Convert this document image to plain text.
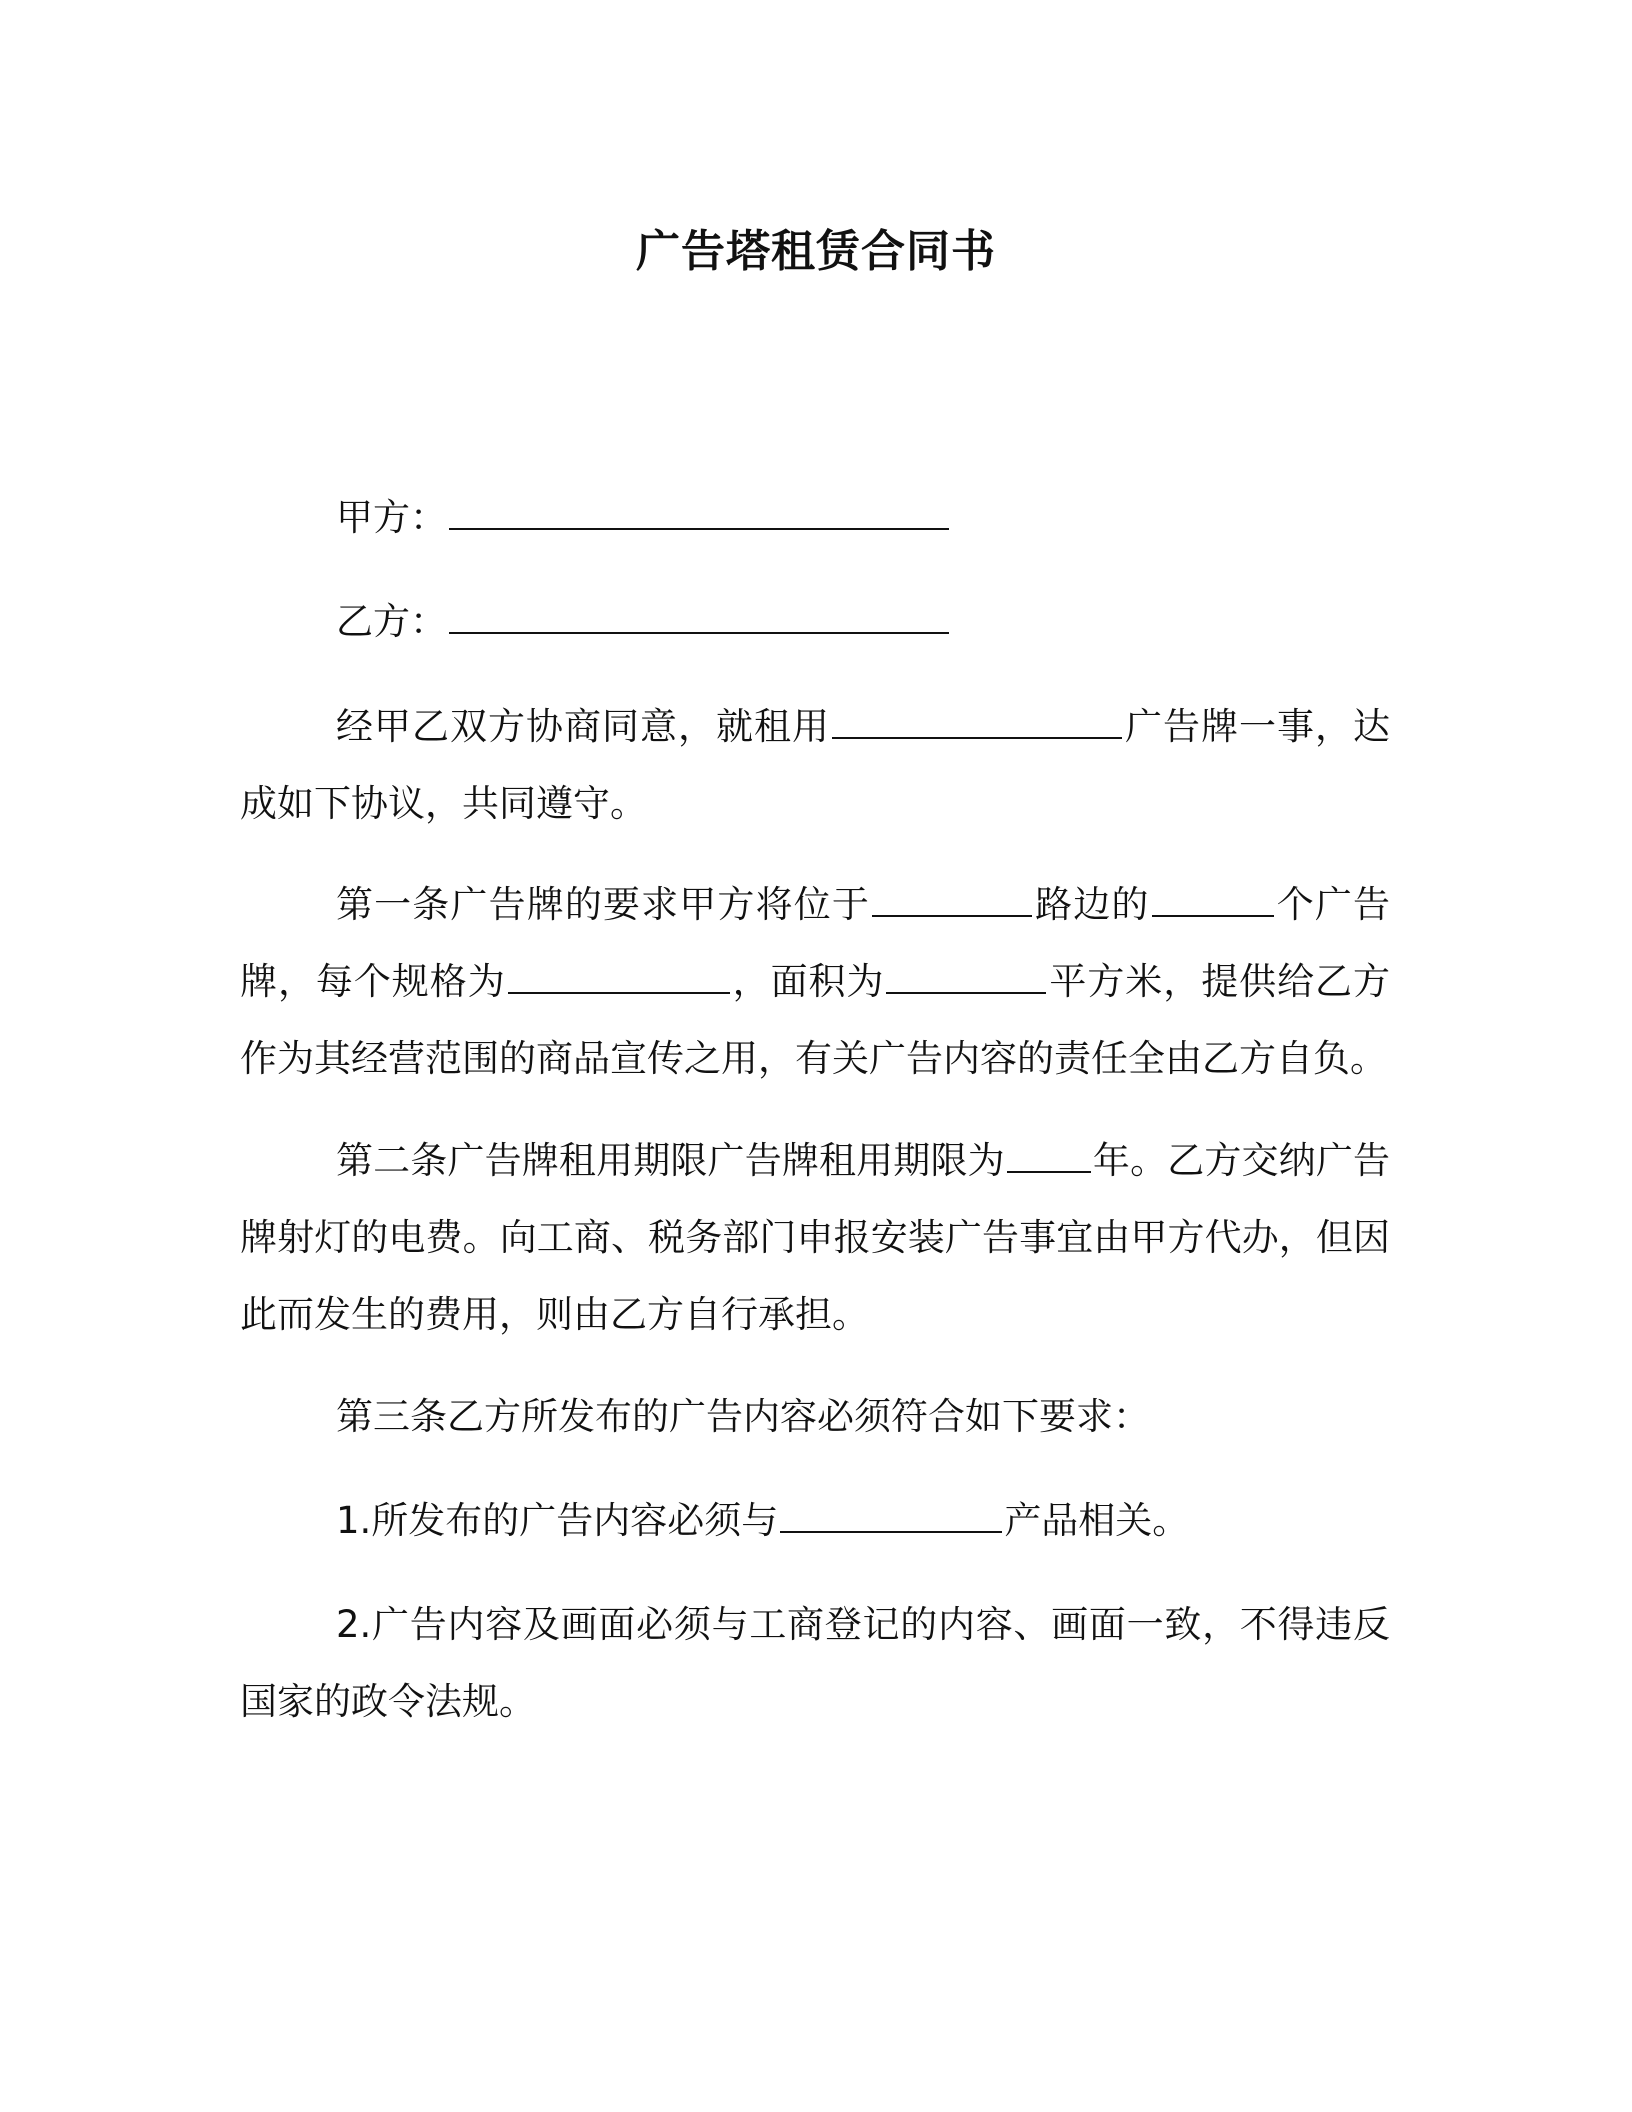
广告塔租赁合同书
甲方：
乙方：
经甲乙双方协商同意，就租用	广告牌一事，达成如下协议，共同遵守。
第一条广告牌的要求甲方将位于	路边的	个广告牌，每个规格为	，面积为	平方米，提供给乙方作为其经营范围的商品宣传之用，有关广告内容的责任全由乙方自负。
第二条广告牌租用期限广告牌租用期限为 年。乙方交纳广告牌射灯的电费。向工商、税务部门申报安装广告事宜由甲方代办，但因此而发生的费用，则由乙方自行承担。
第三条乙方所发布的广告内容必须符合如下要求：
1.所发布的广告内容必须与	产品相关。
2.广告内容及画面必须与工商登记的内容、画面一致，不得违反国家的政令法规。
